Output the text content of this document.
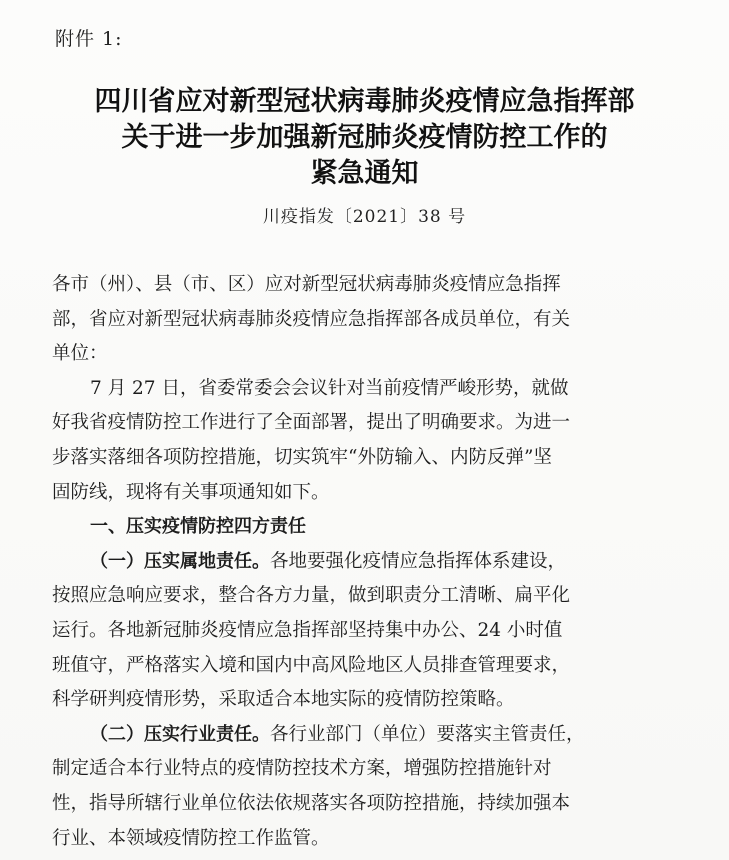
附件 1:
四川省应对新型冠状病毒肺炎疫情应急指挥部
关于进一步加强新冠肺炎疫情防控工作的
紧急通知
川疫指发〔2021〕38 号
各市（州）、县（市、区）应对新型冠状病毒肺炎疫情应急指挥
部，省应对新型冠状病毒肺炎疫情应急指挥部各成员单位，有关
单位：
7 月 27 日，省委常委会会议针对当前疫情严峻形势，就做
好我省疫情防控工作进行了全面部署，提出了明确要求。为进一
步落实落细各项防控措施，切实筑牢“外防输入、内防反弹”坚
固防线，现将有关事项通知如下。
一、压实疫情防控四方责任
（一）压实属地责任。各地要强化疫情应急指挥体系建设，
按照应急响应要求，整合各方力量，做到职责分工清晰、扁平化
运行。各地新冠肺炎疫情应急指挥部坚持集中办公、24 小时值
班值守，严格落实入境和国内中高风险地区人员排查管理要求，
科学研判疫情形势，采取适合本地实际的疫情防控策略。
（二）压实行业责任。各行业部门（单位）要落实主管责任，
制定适合本行业特点的疫情防控技术方案，增强防控措施针对
性，指导所辖行业单位依法依规落实各项防控措施，持续加强本
行业、本领域疫情防控工作监管。
